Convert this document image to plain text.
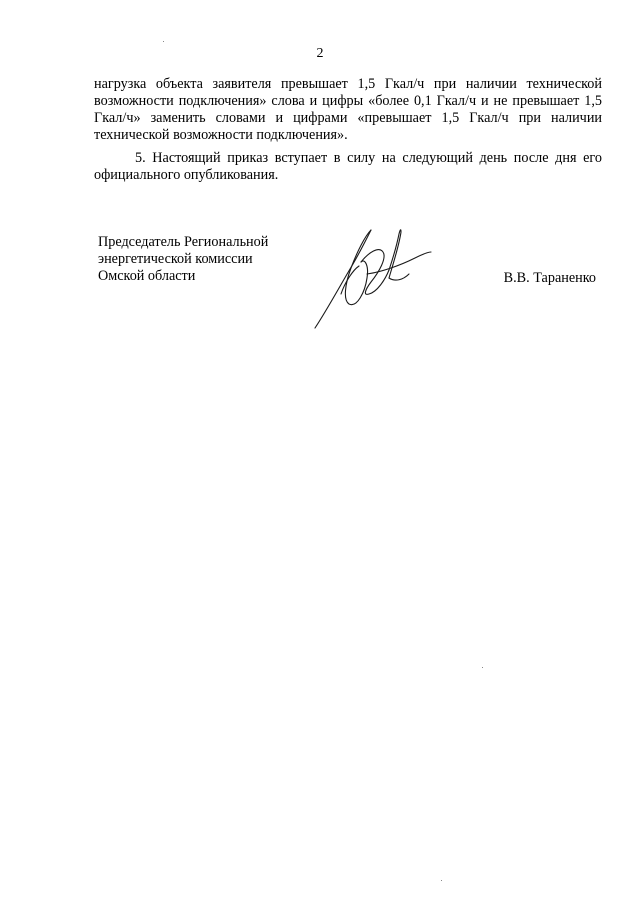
2
нагрузка объекта заявителя превышает 1,5 Гкал/ч при наличии технической возможности подключения» слова и цифры «более 0,1 Гкал/ч и не превышает 1,5 Гкал/ч» заменить словами и цифрами «превышает 1,5 Гкал/ч при наличии технической возможности подключения».
5. Настоящий приказ вступает в силу на следующий день после дня его официального опубликования.
Председатель Региональной
энергетической комиссии
Омской области	В.В. Тараненко
